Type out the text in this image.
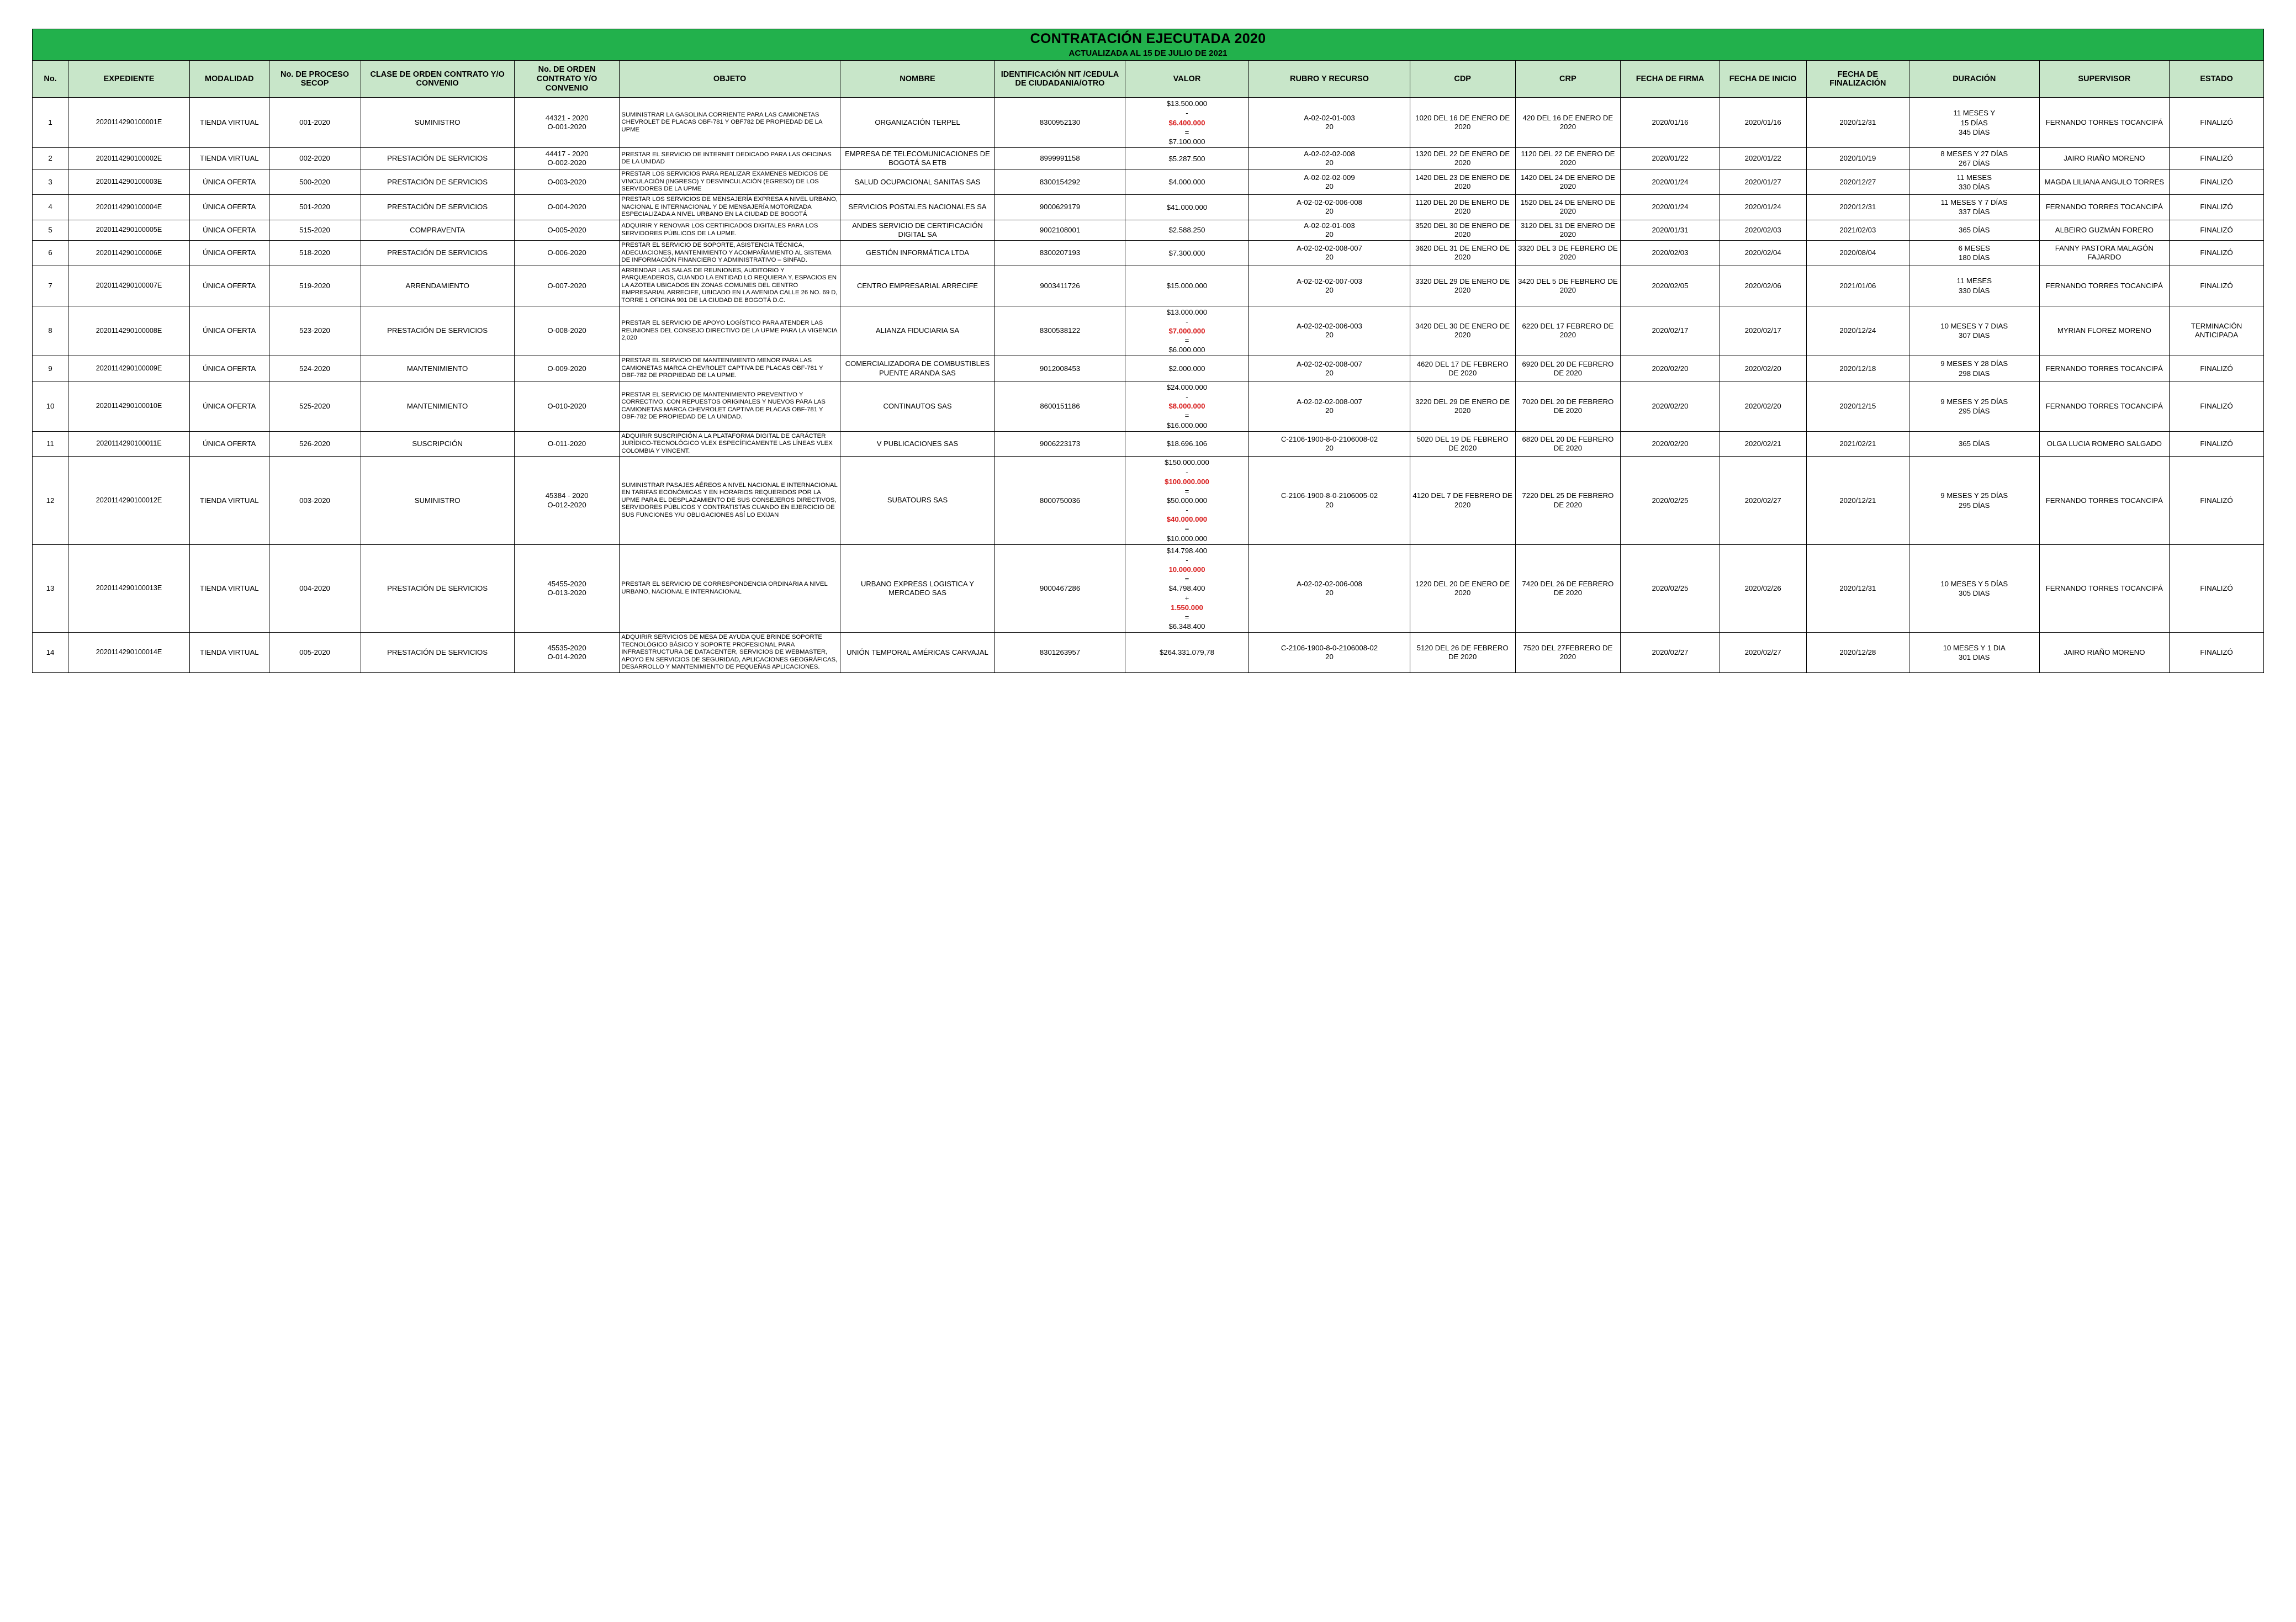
CONTRATACIÓN EJECUTADA 2020
ACTUALIZADA AL 15 DE JULIO DE 2021																		

No.	EXPEDIENTE	MODALIDAD	No. DE PROCESO SECOP	CLASE DE ORDEN CONTRATO Y/O CONVENIO	No. DE ORDEN CONTRATO Y/O CONVENIO	OBJETO	NOMBRE	IDENTIFICACIÓN NIT /CEDULA DE CIUDADANIA/OTRO	VALOR	RUBRO Y RECURSO	CDP	CRP	FECHA DE FIRMA	FECHA DE INICIO	FECHA DE FINALIZACIÓN	DURACIÓN	SUPERVISOR	ESTADO
1	2020114290100001E	TIENDA VIRTUAL	001-2020	SUMINISTRO	44321 - 2020
O-001-2020	SUMINISTRAR LA GASOLINA CORRIENTE PARA LAS CAMIONETAS CHEVROLET DE PLACAS OBF-781 Y OBF782 DE PROPIEDAD DE LA UPME	ORGANIZACIÓN TERPEL	8300952130	$13.500.000
-
$6.400.000
=
$7.100.000	A-02-02-01-003
20	1020 DEL 16 DE ENERO DE 2020	420 DEL 16 DE ENERO DE 2020	2020/01/16	2020/01/16	2020/12/31	11 MESES Y
15 DÍAS
345 DÍAS	FERNANDO TORRES TOCANCIPÁ	FINALIZÓ
2	2020114290100002E	TIENDA VIRTUAL	002-2020	PRESTACIÓN DE SERVICIOS	44417 - 2020
O-002-2020	PRESTAR EL SERVICIO DE INTERNET DEDICADO PARA LAS OFICINAS DE LA UNIDAD	EMPRESA DE TELECOMUNICACIONES DE BOGOTÁ SA ETB	8999991158	$5.287.500	A-02-02-02-008
20	1320 DEL 22 DE ENERO DE 2020	1120 DEL 22 DE ENERO DE 2020	2020/01/22	2020/01/22	2020/10/19	8 MESES Y 27 DÍAS
267 DÍAS	JAIRO RIAÑO MORENO	FINALIZÓ
3	2020114290100003E	ÚNICA OFERTA	500-2020	PRESTACIÓN DE SERVICIOS	O-003-2020	PRESTAR LOS SERVICIOS PARA REALIZAR EXAMENES MEDICOS DE VINCULACIÓN (INGRESO) Y DESVINCULACIÓN (EGRESO) DE LOS SERVIDORES DE LA UPME	SALUD OCUPACIONAL SANITAS SAS	8300154292	$4.000.000	A-02-02-02-009
20	1420 DEL 23 DE ENERO DE 2020	1420 DEL 24 DE ENERO DE 2020	2020/01/24	2020/01/27	2020/12/27	11 MESES
330 DÍAS	MAGDA LILIANA ANGULO TORRES	FINALIZÓ
4	2020114290100004E	ÚNICA OFERTA	501-2020	PRESTACIÓN DE SERVICIOS	O-004-2020	PRESTAR LOS SERVICIOS DE MENSAJERÍA EXPRESA A NIVEL URBANO, NACIONAL E INTERNACIONAL Y DE MENSAJERÍA MOTORIZADA ESPECIALIZADA A NIVEL URBANO EN LA CIUDAD DE BOGOTÁ	SERVICIOS POSTALES NACIONALES SA	9000629179	$41.000.000	A-02-02-02-006-008
20	1120 DEL 20 DE ENERO DE 2020	1520 DEL 24 DE ENERO DE 2020	2020/01/24	2020/01/24	2020/12/31	11 MESES Y 7 DÍAS
337 DÍAS	FERNANDO TORRES TOCANCIPÁ	FINALIZÓ
5	2020114290100005E	ÚNICA OFERTA	515-2020	COMPRAVENTA	O-005-2020	ADQUIRIR Y RENOVAR LOS CERTIFICADOS DIGITALES PARA LOS SERVIDORES PÚBLICOS DE LA UPME.	ANDES SERVICIO DE CERTIFICACIÓN DIGITAL SA	9002108001	$2.588.250	A-02-02-01-003
20	3520 DEL 30 DE ENERO DE 2020	3120 DEL 31 DE ENERO DE 2020	2020/01/31	2020/02/03	2021/02/03	365 DÍAS	ALBEIRO GUZMÁN FORERO	FINALIZÓ
6	2020114290100006E	ÚNICA OFERTA	518-2020	PRESTACIÓN DE SERVICIOS	O-006-2020	PRESTAR EL SERVICIO DE SOPORTE, ASISTENCIA TÉCNICA, ADECUACIONES, MANTENIMIENTO Y ACOMPAÑAMIENTO AL SISTEMA DE INFORMACIÓN FINANCIERO Y ADMINISTRATIVO – SINFAD.	GESTIÓN INFORMÁTICA LTDA	8300207193	$7.300.000	A-02-02-02-008-007
20	3620 DEL 31 DE ENERO DE 2020	3320 DEL 3 DE FEBRERO DE 2020	2020/02/03	2020/02/04	2020/08/04	6 MESES
180 DÍAS	FANNY PASTORA MALAGÓN FAJARDO	FINALIZÓ
7	2020114290100007E	ÚNICA OFERTA	519-2020	ARRENDAMIENTO	O-007-2020	ARRENDAR LAS SALAS DE REUNIONES, AUDITORIO Y PARQUEADEROS, CUANDO LA ENTIDAD LO REQUIERA Y, ESPACIOS EN LA AZOTEA UBICADOS EN ZONAS COMUNES DEL CENTRO EMPRESARIAL ARRECIFE, UBICADO EN LA AVENIDA CALLE 26 NO. 69 D, TORRE 1 OFICINA 901 DE LA CIUDAD DE BOGOTÁ D.C.	CENTRO EMPRESARIAL ARRECIFE	9003411726	$15.000.000	A-02-02-02-007-003
20	3320 DEL 29 DE ENERO DE 2020	3420 DEL 5 DE FEBRERO DE 2020	2020/02/05	2020/02/06	2021/01/06	11 MESES
330 DÍAS	FERNANDO TORRES TOCANCIPÁ	FINALIZÓ
8	2020114290100008E	ÚNICA OFERTA	523-2020	PRESTACIÓN DE SERVICIOS	O-008-2020	PRESTAR EL SERVICIO DE APOYO LOGÍSTICO PARA ATENDER LAS REUNIONES DEL CONSEJO DIRECTIVO DE LA UPME PARA LA VIGENCIA 2,020	ALIANZA FIDUCIARIA SA	8300538122	$13.000.000
-
$7.000.000
=
$6.000.000	A-02-02-02-006-003
20	3420 DEL 30 DE ENERO DE 2020	6220 DEL 17 FEBRERO DE 2020	2020/02/17	2020/02/17	2020/12/24	10 MESES Y 7 DIAS
307 DIAS	MYRIAN FLOREZ MORENO	TERMINACIÓN ANTICIPADA
9	2020114290100009E	ÚNICA OFERTA	524-2020	MANTENIMIENTO	O-009-2020	PRESTAR EL SERVICIO DE MANTENIMIENTO MENOR PARA LAS CAMIONETAS MARCA CHEVROLET CAPTIVA DE PLACAS OBF-781 Y OBF-782 DE PROPIEDAD DE LA UPME.	COMERCIALIZADORA DE COMBUSTIBLES PUENTE ARANDA SAS	9012008453	$2.000.000	A-02-02-02-008-007
20	4620 DEL 17 DE FEBRERO DE 2020	6920 DEL 20 DE FEBRERO DE 2020	2020/02/20	2020/02/20	2020/12/18	9 MESES Y 28 DÍAS
298 DIAS	FERNANDO TORRES TOCANCIPÁ	FINALIZÓ
10	2020114290100010E	ÚNICA OFERTA	525-2020	MANTENIMIENTO	O-010-2020	PRESTAR EL SERVICIO DE MANTENIMIENTO PREVENTIVO Y CORRECTIVO, CON REPUESTOS ORIGINALES Y NUEVOS PARA LAS CAMIONETAS MARCA CHEVROLET CAPTIVA DE PLACAS OBF-781 Y OBF-782 DE PROPIEDAD DE LA UNIDAD.	CONTINAUTOS SAS	8600151186	$24.000.000
-
$8.000.000
=
$16.000.000	A-02-02-02-008-007
20	3220 DEL 29 DE ENERO DE 2020	7020 DEL 20 DE FEBRERO DE 2020	2020/02/20	2020/02/20	2020/12/15	9 MESES Y 25 DÍAS
295 DÍAS	FERNANDO TORRES TOCANCIPÁ	FINALIZÓ
11	2020114290100011E	ÚNICA OFERTA	526-2020	SUSCRIPCIÓN	O-011-2020	ADQUIRIR SUSCRIPCIÓN A LA PLATAFORMA DIGITAL DE CARÁCTER JURÍDICO-TECNOLÓGICO VLEX ESPECÍFICAMENTE LAS LÍNEAS VLEX COLOMBIA Y VINCENT.	V PUBLICACIONES SAS	9006223173	$18.696.106	C-2106-1900-8-0-2106008-02
20	5020 DEL 19 DE FEBRERO DE 2020	6820 DEL 20 DE FEBRERO DE 2020	2020/02/20	2020/02/21	2021/02/21	365 DÍAS	OLGA LUCIA ROMERO SALGADO	FINALIZÓ
12	2020114290100012E	TIENDA VIRTUAL	003-2020	SUMINISTRO	45384 - 2020
O-012-2020	SUMINISTRAR PASAJES AÉREOS A NIVEL NACIONAL E INTERNACIONAL EN TARIFAS ECONÓMICAS Y EN HORARIOS REQUERIDOS POR LA UPME PARA EL DESPLAZAMIENTO DE SUS CONSEJEROS DIRECTIVOS, SERVIDORES PÚBLICOS Y CONTRATISTAS CUANDO EN EJERCICIO DE SUS FUNCIONES Y/U OBLIGACIONES ASÍ LO EXIJAN	SUBATOURS SAS	8000750036	$150.000.000
-
$100.000.000
=
$50.000.000
-
$40.000.000
=
$10.000.000	C-2106-1900-8-0-2106005-02
20	4120 DEL 7 DE FEBRERO DE 2020	7220 DEL 25 DE FEBRERO DE 2020	2020/02/25	2020/02/27	2020/12/21	9 MESES Y 25 DÍAS
295 DÍAS	FERNANDO TORRES TOCANCIPÁ	FINALIZÓ
13	2020114290100013E	TIENDA VIRTUAL	004-2020	PRESTACIÓN DE SERVICIOS	45455-2020
O-013-2020	PRESTAR EL SERVICIO DE CORRESPONDENCIA ORDINARIA A NIVEL URBANO, NACIONAL E INTERNACIONAL	URBANO EXPRESS LOGISTICA Y MERCADEO SAS	9000467286	$14.798.400
-
10.000.000
=
$4.798.400
+
1.550.000
=
$6.348.400	A-02-02-02-006-008
20	1220 DEL 20 DE ENERO DE 2020	7420 DEL 26 DE FEBRERO DE 2020	2020/02/25	2020/02/26	2020/12/31	10 MESES Y 5 DÍAS
305 DIAS	FERNANDO TORRES TOCANCIPÁ	FINALIZÓ
14	2020114290100014E	TIENDA VIRTUAL	005-2020	PRESTACIÓN DE SERVICIOS	45535-2020
O-014-2020	ADQUIRIR SERVICIOS DE MESA DE AYUDA QUE BRINDE SOPORTE TECNOLÓGICO BÁSICO Y SOPORTE PROFESIONAL PARA INFRAESTRUCTURA DE DATACENTER, SERVICIOS DE WEBMASTER, APOYO EN SERVICIOS DE SEGURIDAD, APLICACIONES GEOGRÁFICAS, DESARROLLO Y MANTENIMIENTO DE PEQUEÑAS APLICACIONES.	UNIÓN TEMPORAL AMÉRICAS CARVAJAL	8301263957	$264.331.079,78	C-2106-1900-8-0-2106008-02
20	5120 DEL 26 DE FEBRERO DE 2020	7520 DEL 27FEBRERO DE 2020	2020/02/27	2020/02/27	2020/12/28	10 MESES Y 1 DIA
301 DIAS	JAIRO RIAÑO MORENO	FINALIZÓ
